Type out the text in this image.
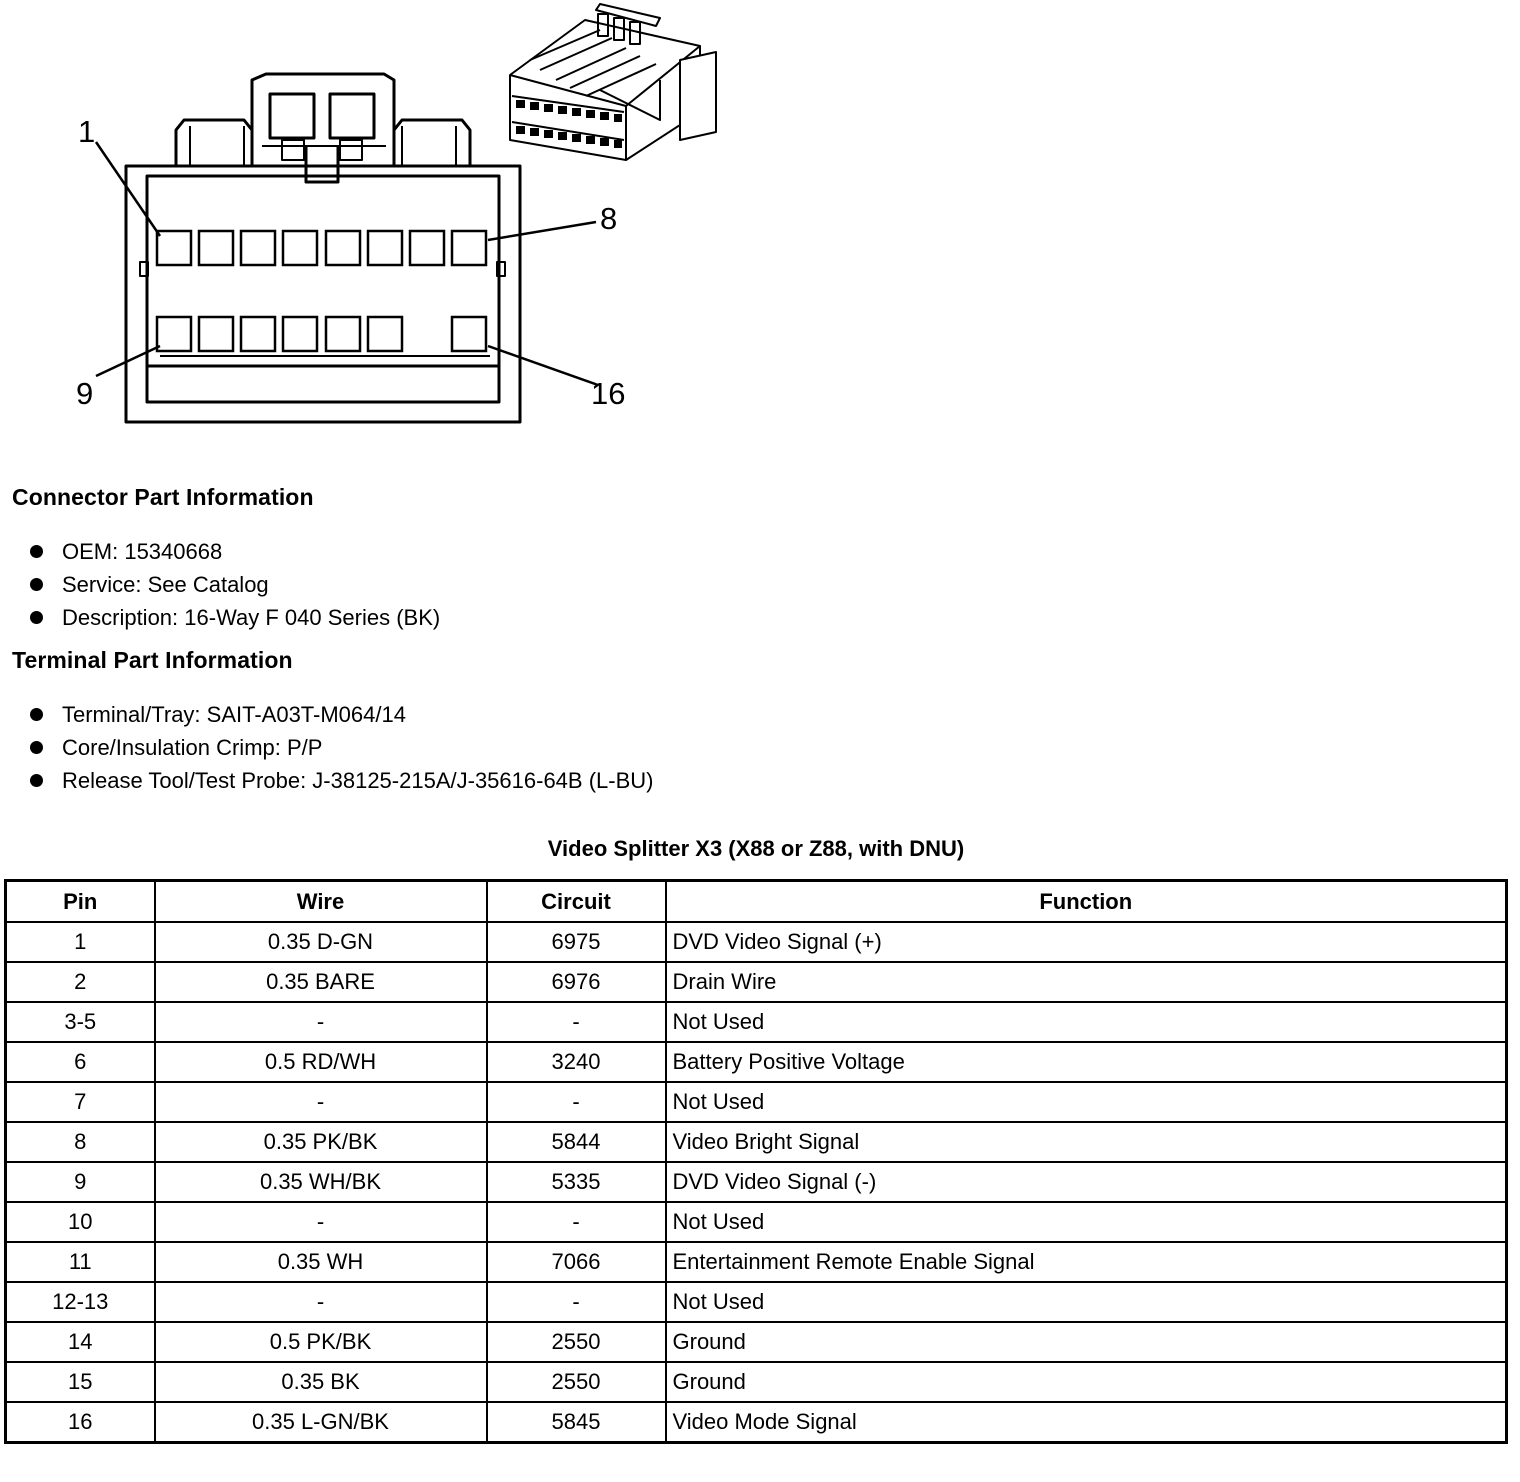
1
8
9	16
Connector Part Information
OEM: 15340668
Service: See Catalog
Description: 16-Way F 040 Series (BK)
Terminal Part Information
Terminal/Tray: SAIT-A03T-M064/14
Core/Insulation Crimp: P/P
Release Tool/Test Probe: J-38125-215A/J-35616-64B (L-BU)
Video Splitter X3 (X88 or Z88, with DNU)
Pin	Wire	Circuit	Function
1	0.35 D-GN	6975	DVD Video Signal (+)
2	0.35 BARE	6976	Drain Wire
3-5	-	-	Not Used
6	0.5 RD/WH	3240	Battery Positive Voltage
7	-	-	Not Used
8	0.35 PK/BK	5844	Video Bright Signal
9	0.35 WH/BK	5335	DVD Video Signal (-)
10	-	-	Not Used
11	0.35 WH	7066	Entertainment Remote Enable Signal
12-13	-	-	Not Used
14	0.5 PK/BK	2550	Ground
15	0.35 BK	2550	Ground
16	0.35 L-GN/BK	5845	Video Mode Signal
